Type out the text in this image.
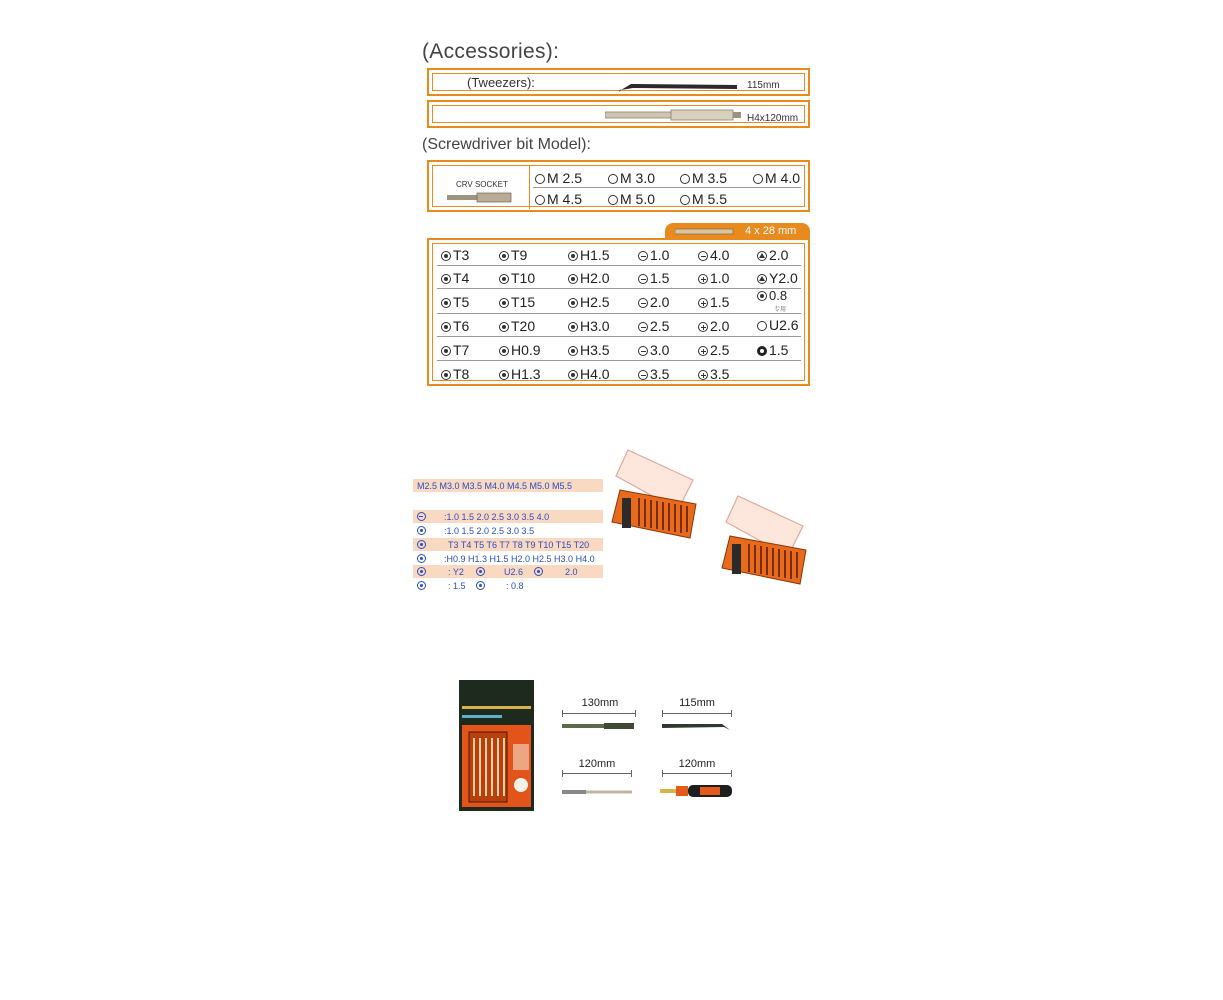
(Accessories):
(Tweezers):	115mm
H4x120mm
(Screwdriver bit Model):
CRV SOCKET	M 2.5	M 3.0	M 3.5	M 4.0
M 4.5	M 5.0	M 5.5
4 x 28 mm
T3	T9	H1.5	1.0	4.0	2.0
T4	T10	H2.0	1.5	1.0	Y2.0
T5	T15	H2.5	2.0	1.5	0.8
专用
T6	T20	H3.0	2.5	2.0	U2.6
T7	H0.9	H3.5	3.0	2.5	1.5
T8	H1.3	H4.0	3.5	3.5
M2.5 M3.0 M3.5 M4.0 M4.5 M5.0 M5.5
:1.0 1.5 2.0 2.5 3.0 3.5 4.0
:1.0 1.5 2.0 2.5 3.0 3.5
T3 T4 T5 T6 T7 T8 T9 T10 T15 T20
:H0.9 H1.3 H1.5 H2.0 H2.5 H3.0 H4.0
: Y2	U2.6	2.0
: 1.5	: 0.8
130mm	115mm
120mm	120mm
